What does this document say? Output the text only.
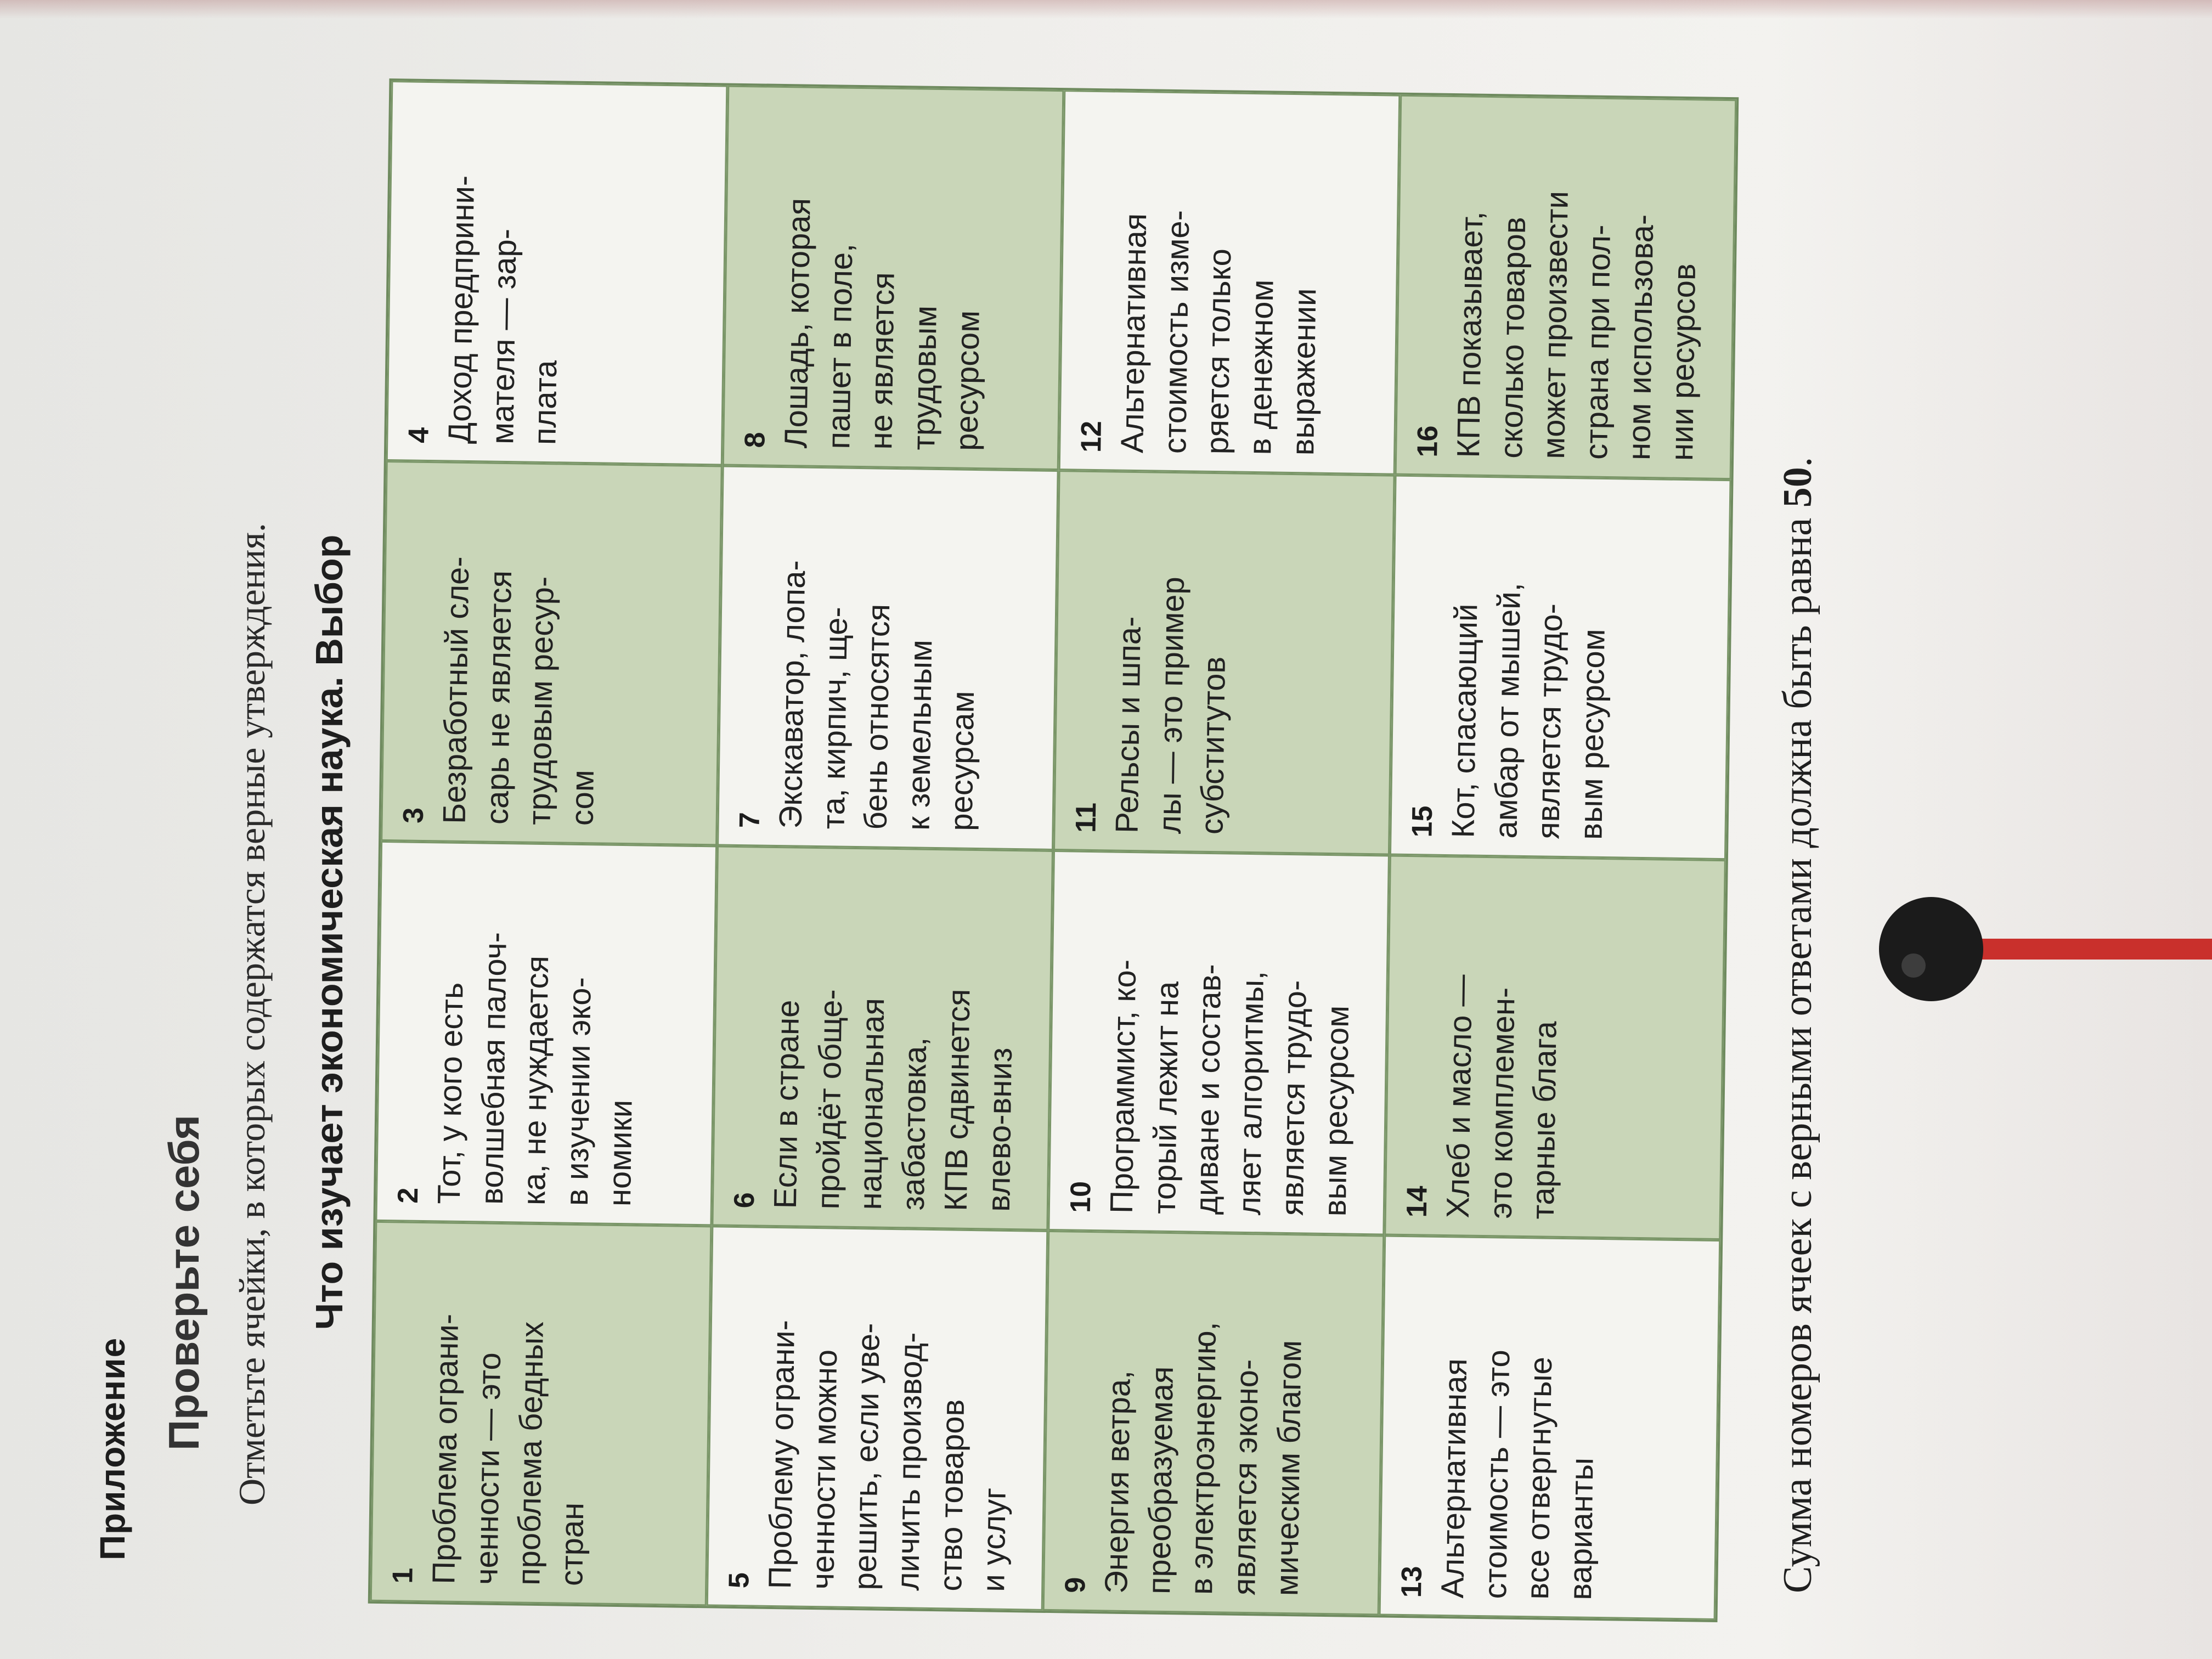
Приложение Проверьте себя Отметьте ячейки, в которых содержатся верные утверждения. Что изучает экономическая наука. Выбор
1 Проблема ограни-
ченности — это
проблема бедных
стран
2 Тот, у кого есть
волшебная палоч-
ка, не нуждается
в изучении эко-
номики
3 Безработный сле-
сарь не является
трудовым ресур-
сом
4 Доход предприни-
мателя — зар-
плата
5 Проблему ограни-
ченности можно
решить, если уве-
личить производ-
ство товаров
и услуг
6 Если в стране
пройдёт обще-
национальная
забастовка,
КПВ сдвинется
влево-вниз
7 Экскаватор, лопа-
та, кирпич, ще-
бень относятся
к земельным
ресурсам
8 Лошадь, которая
пашет в поле,
не является
трудовым
ресурсом
9 Энергия ветра,
преобразуемая
в электроэнергию,
является эконо-
мическим благом
10 Программист, ко-
торый лежит на
диване и состав-
ляет алгоритмы,
является трудо-
вым ресурсом
11 Рельсы и шпа-
лы — это пример
субститутов
12 Альтернативная
стоимость изме-
ряется только
в денежном
выражении
13 Альтернативная
стоимость — это
все отвергнутые
варианты
14 Хлеб и масло —
это комплемен-
тарные блага
15 Кот, спасающий
амбар от мышей,
является трудо-
вым ресурсом
16 КПВ показывает,
сколько товаров
может произвести
страна при пол-
ном использова-
нии ресурсов
Сумма номеров ячеек с верными ответами должна быть равна 50.
